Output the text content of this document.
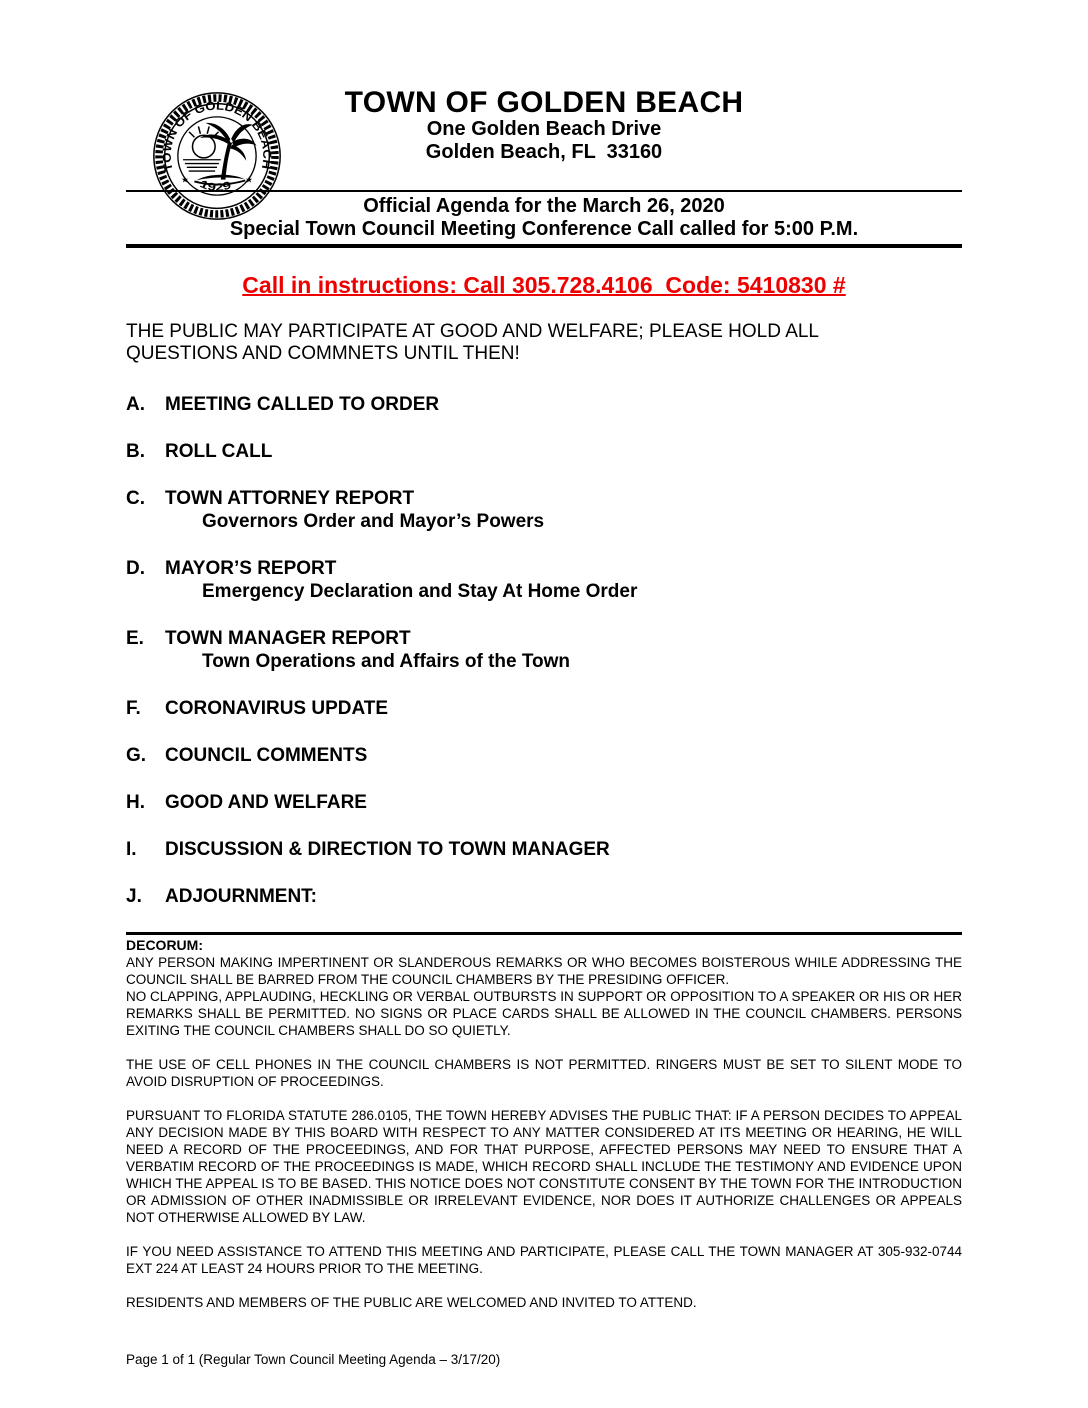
TOWN OF GOLDEN BEACH
1929
★	★
TOWN OF GOLDEN BEACH
One Golden Beach Drive
Golden Beach, FL  33160
Official Agenda for the March 26, 2020
Special Town Council Meeting Conference Call called for 5:00 P.M.
Call in instructions: Call 305.728.4106  Code: 5410830 #
THE PUBLIC MAY PARTICIPATE AT GOOD AND WELFARE; PLEASE HOLD ALL QUESTIONS AND COMMNETS UNTIL THEN!
A. MEETING CALLED TO ORDER
B. ROLL CALL
C. TOWN ATTORNEY REPORT
Governors Order and Mayor’s Powers
D. MAYOR’S REPORT
Emergency Declaration and Stay At Home Order
E. TOWN MANAGER REPORT
Town Operations and Affairs of the Town
F. CORONAVIRUS UPDATE
G. COUNCIL COMMENTS
H. GOOD AND WELFARE
I. DISCUSSION & DIRECTION TO TOWN MANAGER
J. ADJOURNMENT:
DECORUM:

ANY PERSON MAKING IMPERTINENT OR SLANDEROUS REMARKS OR WHO BECOMES BOISTEROUS WHILE ADDRESSING THE COUNCIL SHALL BE BARRED FROM THE COUNCIL CHAMBERS BY THE PRESIDING OFFICER.

NO CLAPPING, APPLAUDING, HECKLING OR VERBAL OUTBURSTS IN SUPPORT OR OPPOSITION TO A SPEAKER OR HIS OR HER REMARKS SHALL BE PERMITTED. NO SIGNS OR PLACE CARDS SHALL BE ALLOWED IN THE COUNCIL CHAMBERS. PERSONS EXITING THE COUNCIL CHAMBERS SHALL DO SO QUIETLY.

THE USE OF CELL PHONES IN THE COUNCIL CHAMBERS IS NOT PERMITTED. RINGERS MUST BE SET TO SILENT MODE TO AVOID DISRUPTION OF PROCEEDINGS.

PURSUANT TO FLORIDA STATUTE 286.0105, THE TOWN HEREBY ADVISES THE PUBLIC THAT: IF A PERSON DECIDES TO APPEAL ANY DECISION MADE BY THIS BOARD WITH RESPECT TO ANY MATTER CONSIDERED AT ITS MEETING OR HEARING, HE WILL NEED A RECORD OF THE PROCEEDINGS, AND FOR THAT PURPOSE, AFFECTED PERSONS MAY NEED TO ENSURE THAT A VERBATIM RECORD OF THE PROCEEDINGS IS MADE, WHICH RECORD SHALL INCLUDE THE TESTIMONY AND EVIDENCE UPON WHICH THE APPEAL IS TO BE BASED. THIS NOTICE DOES NOT CONSTITUTE CONSENT BY THE TOWN FOR THE INTRODUCTION OR ADMISSION OF OTHER INADMISSIBLE OR IRRELEVANT EVIDENCE, NOR DOES IT AUTHORIZE CHALLENGES OR APPEALS NOT OTHERWISE ALLOWED BY LAW.

IF YOU NEED ASSISTANCE TO ATTEND THIS MEETING AND PARTICIPATE, PLEASE CALL THE TOWN MANAGER AT 305-932-0744 EXT 224 AT LEAST 24 HOURS PRIOR TO THE MEETING.

RESIDENTS AND MEMBERS OF THE PUBLIC ARE WELCOMED AND INVITED TO ATTEND.

Page 1 of 1 (Regular Town Council Meeting Agenda – 3/17/20)
